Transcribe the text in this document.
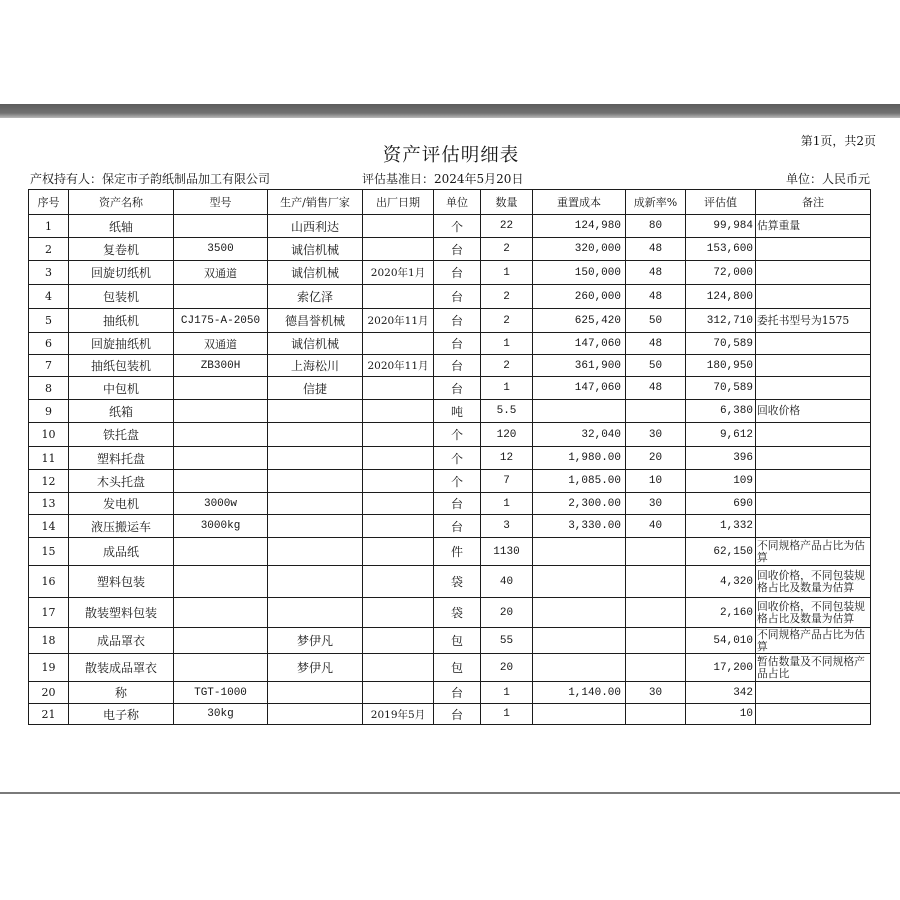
第1页，共2页
资产评估明细表
产权持有人：保定市子韵纸制品加工有限公司	评估基准日：2024年5月20日	单位：人民币元
序号	资产名称	型号	生产/销售厂家	出厂日期	单位	数量	重置成本	成新率%	评估值	备注
1	纸轴		山西利达		个	22	124,980	80	99,984	估算重量
2	复卷机	3500	诚信机械		台	2	320,000	48	153,600	
3	回旋切纸机	双通道	诚信机械	2020年1月	台	1	150,000	48	72,000	
4	包装机		索亿泽		台	2	260,000	48	124,800	
5	抽纸机	CJ175-A-2050	德昌誉机械	2020年11月	台	2	625,420	50	312,710	委托书型号为1575
6	回旋抽纸机	双通道	诚信机械		台	1	147,060	48	70,589	
7	抽纸包装机	ZB300H	上海松川	2020年11月	台	2	361,900	50	180,950	
8	中包机		信捷		台	1	147,060	48	70,589	
9	纸箱				吨	5.5			6,380	回收价格
10	铁托盘				个	120	32,040	30	9,612	
11	塑料托盘				个	12	1,980.00	20	396	
12	木头托盘				个	7	1,085.00	10	109	
13	发电机	3000w			台	1	2,300.00	30	690	
14	液压搬运车	3000kg			台	3	3,330.00	40	1,332	
15	成品纸				件	1130			62,150	不同规格产品占比为估算
16	塑料包装				袋	40			4,320	回收价格，不同包装规格占比及数量为估算
17	散装塑料包装				袋	20			2,160	回收价格，不同包装规格占比及数量为估算
18	成品罩衣		梦伊凡		包	55			54,010	不同规格产品占比为估算
19	散装成品罩衣		梦伊凡		包	20			17,200	暂估数量及不同规格产品占比
20	称	TGT-1000			台	1	1,140.00	30	342	
21	电子称	30kg		2019年5月	台	1			10	
